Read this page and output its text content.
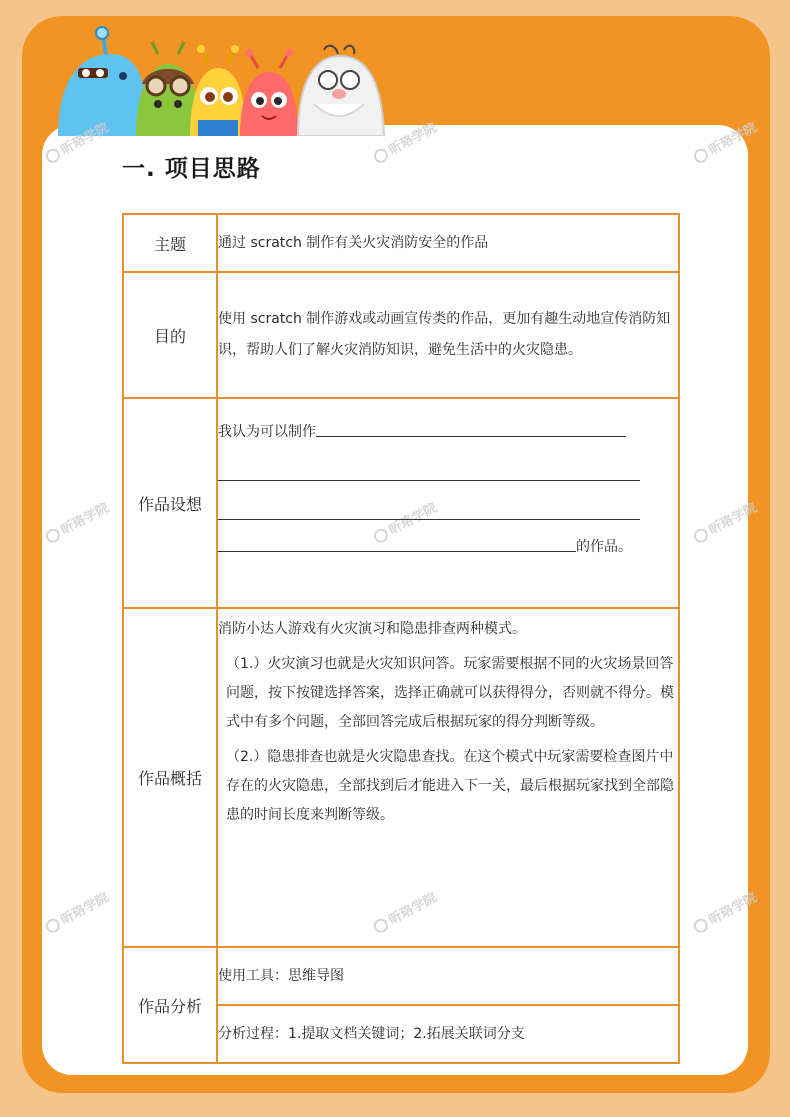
昕珞学院	昕珞学院	昕珞学院
昕珞学院	昕珞学院	昕珞学院
昕珞学院	昕珞学院	昕珞学院
一. 项目思路
主题	通过 scratch 制作有关火灾消防安全的作品
目的	使用 scratch 制作游戏或动画宣传类的作品，更加有趣生动地宣传消防知识，帮助人们了解火灾消防知识，避免生活中的火灾隐患。

作品设想	我认为可以制作
的作品。

作品概括	消防小达人游戏有火灾演习和隐患排查两种模式。

（1.）火灾演习也就是火灾知识问答。玩家需要根据不同的火灾场景回答问题，按下按键选择答案，选择正确就可以获得得分，否则就不得分。模式中有多个问题，全部回答完成后根据玩家的得分判断等级。

（2.）隐患排查也就是火灾隐患查找。在这个模式中玩家需要检查图片中存在的火灾隐患，全部找到后才能进入下一关，最后根据玩家找到全部隐患的时间长度来判断等级。

作品分析	使用工具：思维导图
	分析过程：1.提取文档关键词；2.拓展关联词分支
